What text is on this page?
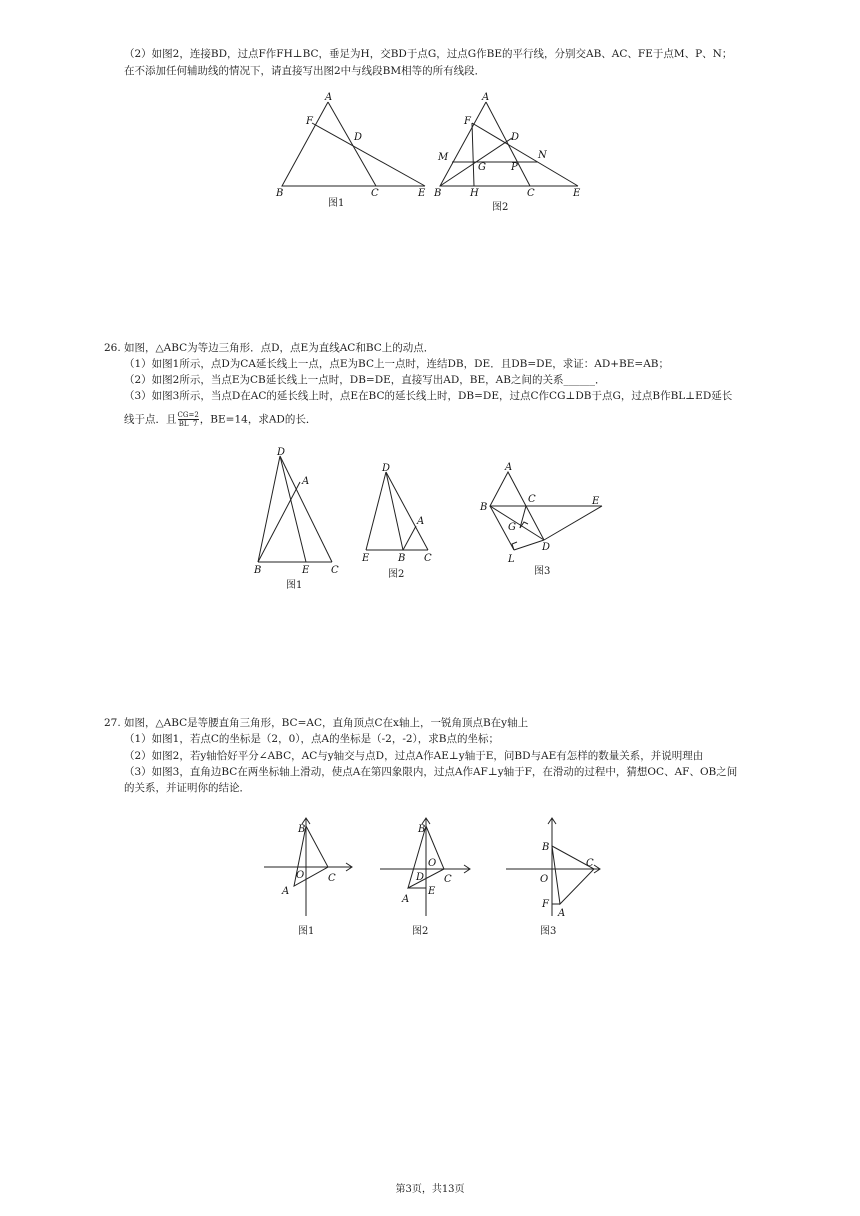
（2）如图2，连接BD，过点F作FH⊥BC，垂足为H，交BD于点G，过点G作BE的平行线，分别交AB、AC、FE于点M、P、N；
在不添加任何辅助线的情况下，请直接写出图2中与线段BM相等的所有线段．
A
F
D
B	C	E
图1
A
F
D
M
G	P
N
B	H	C	E
图2
26. 如图，△ABC为等边三角形．点D，点E为直线AC和BC上的动点．
（1）如图1所示，点D为CA延长线上一点，点E为BC上一点时，连结DB，DE．且DB=DE，求证：AD+BE=AB；
（2）如图2所示，当点E为CB延长线上一点时，DB=DE，直接写出AD，BE，AB之间的关系______．
（3）如图3所示，当点D在AC的延长线上时，点E在BC的延长线上时，DB=DE，过点C作CG⊥DB于点G，过点B作BL⊥ED延长
线于点．且 $\frac{CG=2}{BL 7}$ ，BE=14，求AD的长．
D
A
B	E C
图1
D
A
E	B C
图2
A
B
C	E
G
D
L
图3
27. 如图，△ABC是等腰直角三角形，BC=AC，直角顶点C在x轴上，一锐角顶点B在y轴上
（1）如图1，若点C的坐标是（2，0），点A的坐标是（-2，-2），求B点的坐标；
（2）如图2，若y轴恰好平分∠ABC，AC与y轴交与点D，过点A作AE⊥y轴于E，问BD与AE有怎样的数量关系，并说明理由
（3）如图3，直角边BC在两坐标轴上滑动，使点A在第四象限内，过点A作AF⊥y轴于F，在滑动的过程中，猜想OC、AF、OB之间
的关系，并证明你的结论．
B
O C
A
图1
B
O
D C
E
A
图2
B
C
O
F
A
图3
第3页，共13页
